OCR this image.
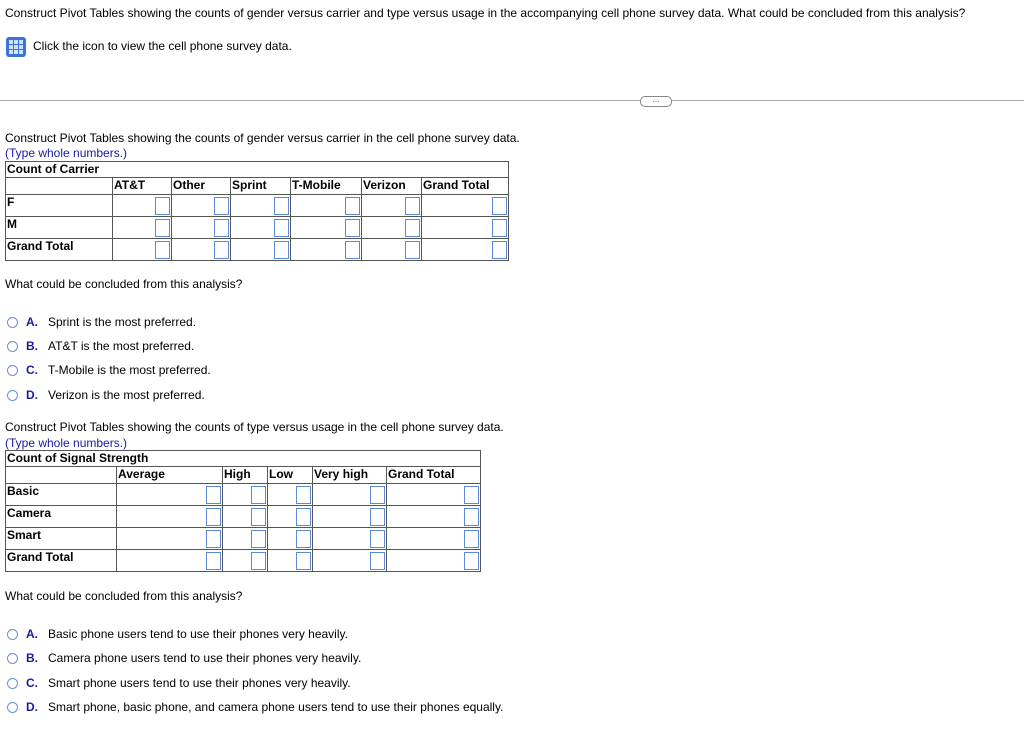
Construct Pivot Tables showing the counts of gender versus carrier and type versus usage in the accompanying cell phone survey data. What could be concluded from this analysis?
Click the icon to view the cell phone survey data.
...
Construct Pivot Tables showing the counts of gender versus carrier in the cell phone survey data.
(Type whole numbers.)
Count of Carrier						
	AT&T	Other	Sprint	T-Mobile	Verizon	Grand Total
F	

M	

Grand Total	

What could be concluded from this analysis?
A. Sprint is the most preferred.
B. AT&T is the most preferred.
C. T-Mobile is the most preferred.
D. Verizon is the most preferred.
Construct Pivot Tables showing the counts of type versus usage in the cell phone survey data.
(Type whole numbers.)
Count of Signal Strength					
	Average	High	Low	Very high	Grand Total
Basic	

Camera	

Smart	

Grand Total	

What could be concluded from this analysis?
A. Basic phone users tend to use their phones very heavily.
B. Camera phone users tend to use their phones very heavily.
C. Smart phone users tend to use their phones very heavily.
D. Smart phone, basic phone, and camera phone users tend to use their phones equally.
